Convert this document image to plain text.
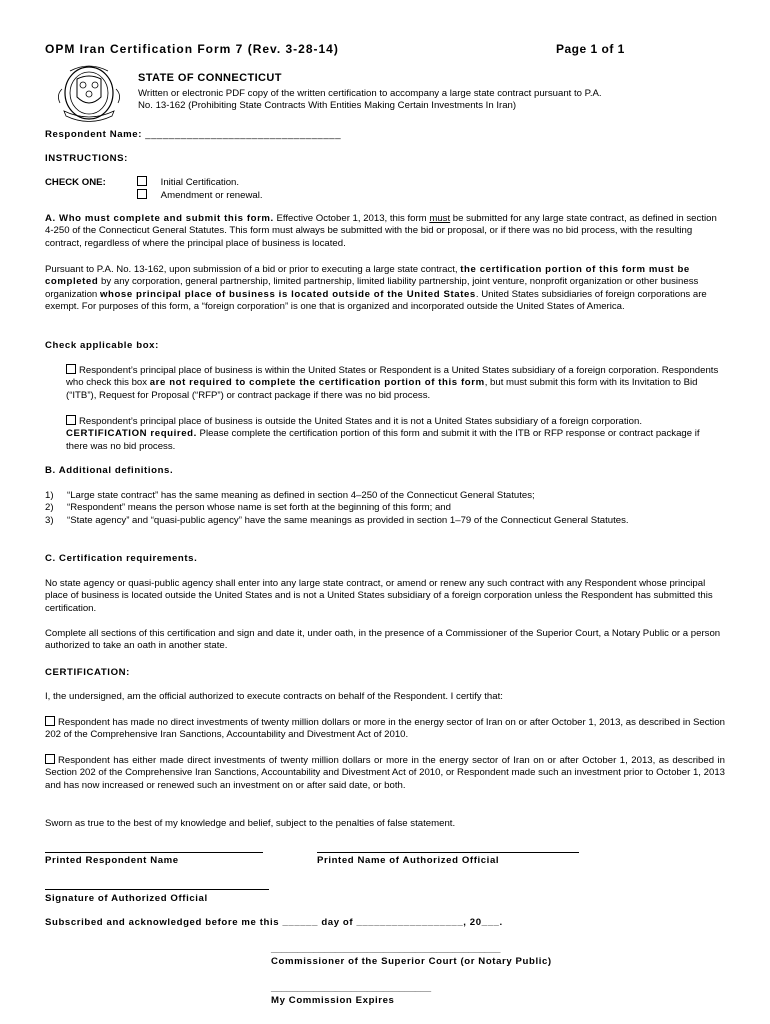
OPM Iran Certification Form 7 (Rev. 3-28-14)	Page 1 of 1
STATE OF CONNECTICUT
Written or electronic PDF copy of the written certification to accompany a large state contract pursuant to P.A.
No. 13-162 (Prohibiting State Contracts With Entities Making Certain Investments In Iran)
Respondent Name: _________________________________
INSTRUCTIONS:
CHECK ONE:	Initial Certification.
Amendment or renewal.

A. Who must complete and submit this form. Effective October 1, 2013, this form must be submitted for any large state contract, as defined in section 4-250 of the Connecticut General Statutes. This form must always be submitted with the bid or proposal, or if there was no bid process, with the resulting contract, regardless of where the principal place of business is located.

Pursuant to P.A. No. 13-162, upon submission of a bid or prior to executing a large state contract, the certification portion of this form must be completed by any corporation, general partnership, limited partnership, limited liability partnership, joint venture, nonprofit organization or other business organization whose principal place of business is located outside of the United States. United States subsidiaries of foreign corporations are exempt. For purposes of this form, a “foreign corporation” is one that is organized and incorporated outside the United States of America.

Check applicable box:

Respondent’s principal place of business is within the United States or Respondent is a United States subsidiary of a foreign corporation. Respondents who check this box are not required to complete the certification portion of this form, but must submit this form with its Invitation to Bid (“ITB”), Request for Proposal (“RFP”) or contract package if there was no bid process.

Respondent’s principal place of business is outside the United States and it is not a United States subsidiary of a foreign corporation. CERTIFICATION required. Please complete the certification portion of this form and submit it with the ITB or RFP response or contract package if there was no bid process.

B. Additional definitions.
1)	“Large state contract” has the same meaning as defined in section 4–250 of the Connecticut General Statutes;
2)	“Respondent” means the person whose name is set forth at the beginning of this form; and
3)	“State agency” and “quasi-public agency” have the same meanings as provided in section 1–79 of the Connecticut General Statutes.
C. Certification requirements.

No state agency or quasi-public agency shall enter into any large state contract, or amend or renew any such contract with any Respondent whose principal place of business is located outside the United States and is not a United States subsidiary of a foreign corporation unless the Respondent has submitted this certification.

Complete all sections of this certification and sign and date it, under oath, in the presence of a Commissioner of the Superior Court, a Notary Public or a person authorized to take an oath in another state.

CERTIFICATION:

I, the undersigned, am the official authorized to execute contracts on behalf of the Respondent. I certify that:

Respondent has made no direct investments of twenty million dollars or more in the energy sector of Iran on or after October 1, 2013, as described in Section 202 of the Comprehensive Iran Sanctions, Accountability and Divestment Act of 2010.

Respondent has either made direct investments of twenty million dollars or more in the energy sector of Iran on or after October 1, 2013, as described in Section 202 of the Comprehensive Iran Sanctions, Accountability and Divestment Act of 2010, or Respondent made such an investment prior to October 1, 2013 and has now increased or renewed such an investment on or after said date, or both.

Sworn as true to the best of my knowledge and belief, subject to the penalties of false statement.

Printed Respondent Name	Printed Name of Authorized Official
Signature of Authorized Official
Subscribed and acknowledged before me this ______ day of __________________, 20___.
___________________________________________
Commissioner of the Superior Court (or Notary Public)
______________________________
My Commission Expires
